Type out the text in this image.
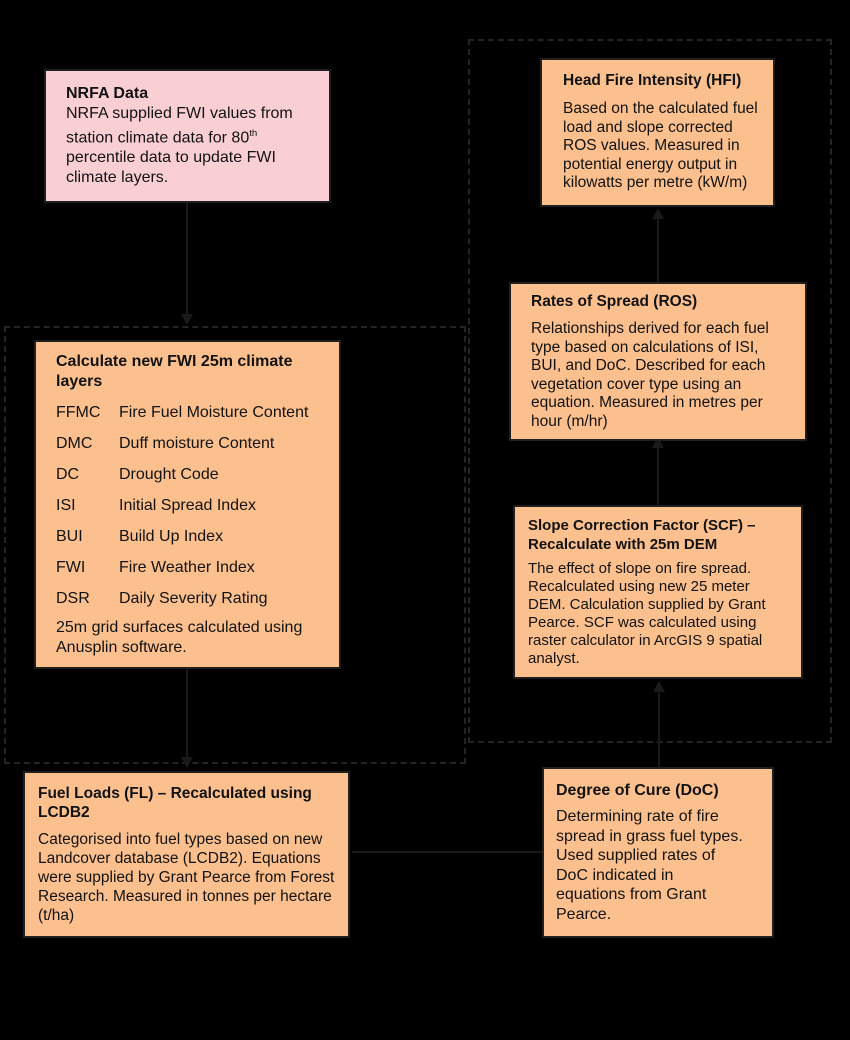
NRFA Data
NRFA supplied FWI values from
station climate data for 80th
percentile data to update FWI
climate layers.
Head Fire Intensity (HFI)
Based on the calculated fuel
load and slope corrected
ROS values. Measured in
potential energy output in
kilowatts per metre (kW/m)
Rates of Spread (ROS)
Relationships derived for each fuel
type based on calculations of ISI,
BUI, and DoC. Described for each
vegetation cover type using an
equation. Measured in metres per
hour (m/hr)
Calculate new FWI 25m climate layers
FFMC Fire Fuel Moisture Content
DMC Duff moisture Content
DC Drought Code
ISI	Initial Spread Index
BUI Build Up Index
FWI Fire Weather Index
DSR Daily Severity Rating
25m grid surfaces calculated using
Anusplin software.
Slope Correction Factor (SCF) – Recalculate with 25m DEM
The effect of slope on fire spread.
Recalculated using new 25 meter
DEM. Calculation supplied by Grant
Pearce. SCF was calculated using
raster calculator in ArcGIS 9 spatial
analyst.
Fuel Loads (FL) – Recalculated using LCDB2
Categorised into fuel types based on new
Landcover database (LCDB2). Equations
were supplied by Grant Pearce from Forest
Research. Measured in tonnes per hectare
(t/ha)
Degree of Cure (DoC)
Determining rate of fire
spread in grass fuel types.
Used supplied rates of
DoC indicated in
equations from Grant
Pearce.
